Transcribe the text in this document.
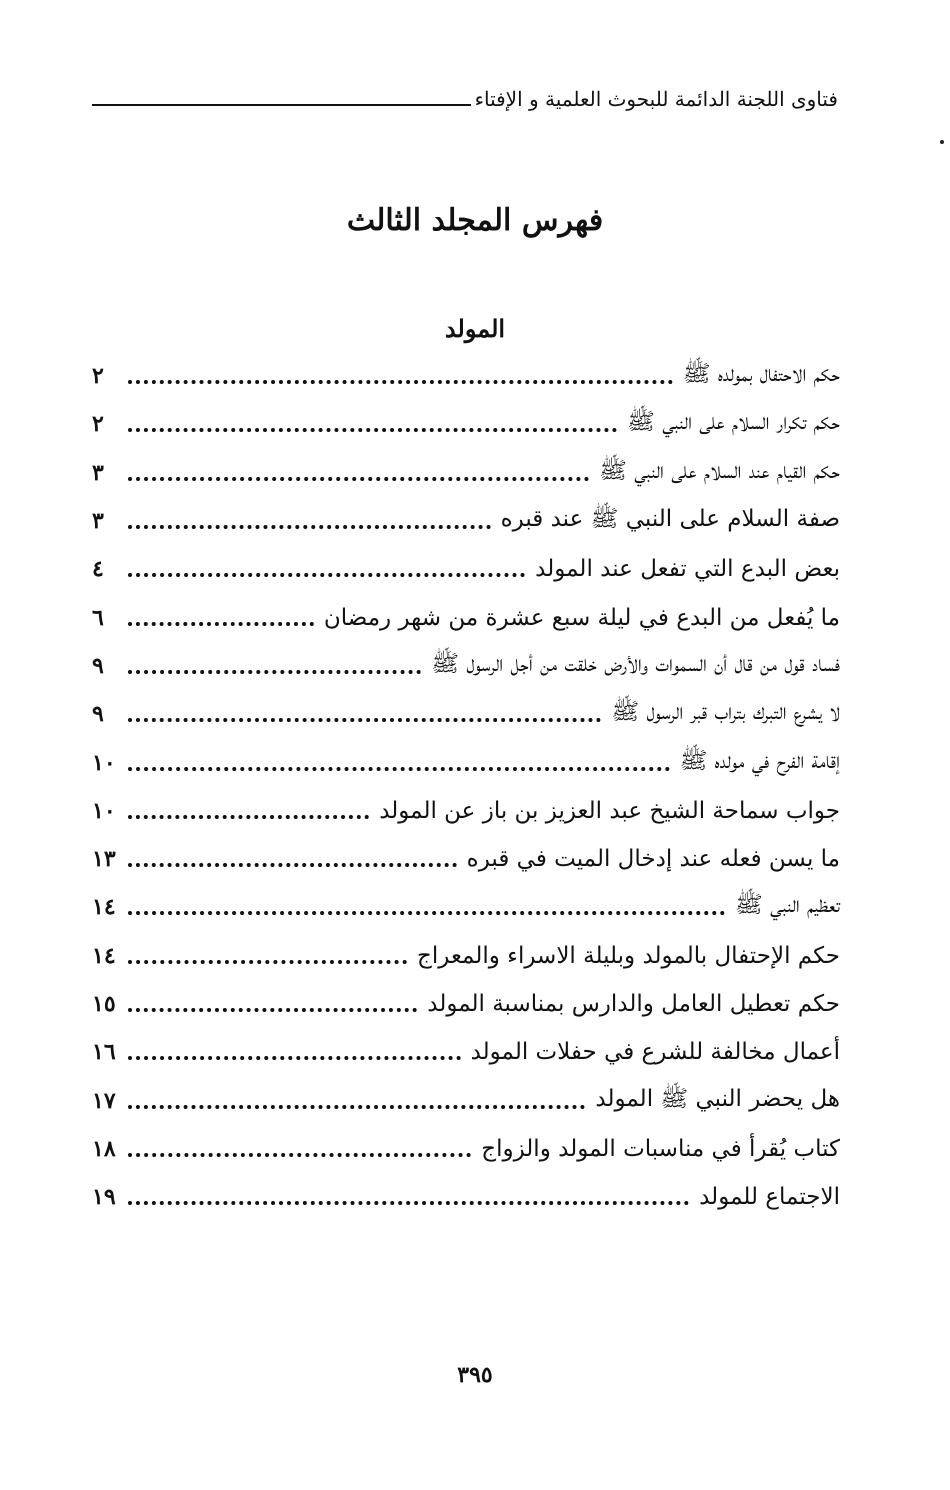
فتاوى اللجنة الدائمة للبحوث العلمية و الإفتاء
فهرس المجلد الثالث
المولد
حكم الاحتفال بمولده ﷺ
٢
حكم تكرار السلام على النبي ﷺ
٢
حكم القيام عند السلام على النبي ﷺ
٣
صفة السلام على النبي ﷺ عند قبره
٣
بعض البدع التي تفعل عند المولد
٤
ما يُفعل من البدع في ليلة سبع عشرة من شهر رمضان
٦
فساد قول من قال أن السموات والأرض خلقت من أجل الرسول ﷺ
٩
لا يشرع التبرك بتراب قبر الرسول ﷺ
٩
إقامة الفرح في مولده ﷺ
١٠
جواب سماحة الشيخ عبد العزيز بن باز عن المولد
١٠
ما يسن فعله عند إدخال الميت في قبره
١٣
تعظيم النبي ﷺ
١٤
حكم الإحتفال بالمولد وبليلة الاسراء والمعراج
١٤
حكم تعطيل العامل والدارس بمناسبة المولد
١٥
أعمال مخالفة للشرع في حفلات المولد
١٦
هل يحضر النبي ﷺ المولد
١٧
كتاب يُقرأ في مناسبات المولد والزواج
١٨
الاجتماع للمولد
١٩
٣٩٥
